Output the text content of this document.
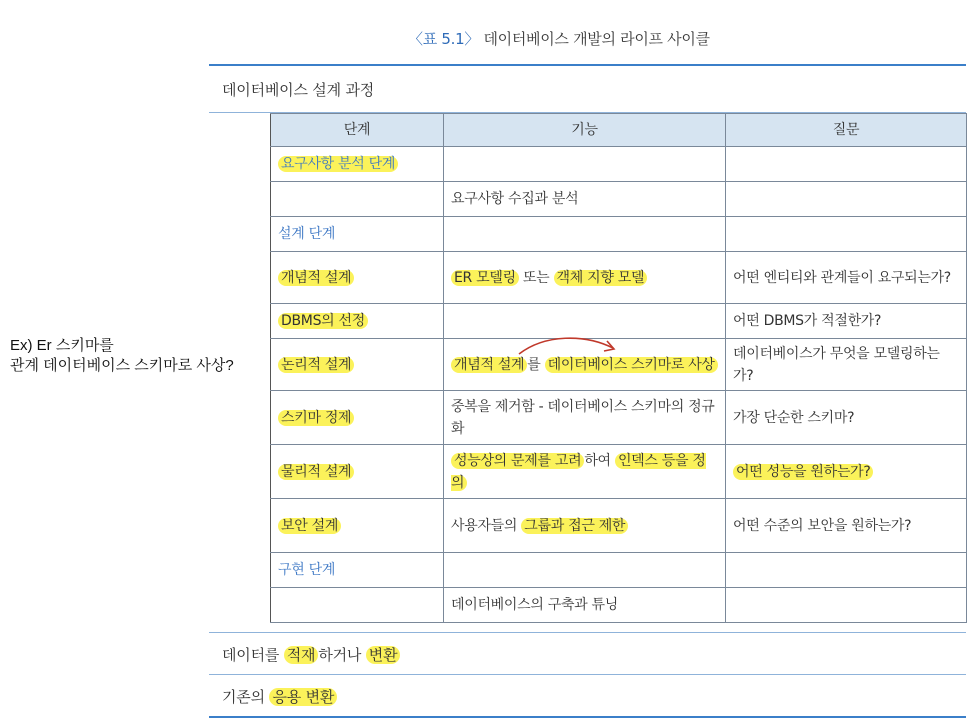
〈표 5.1〉 데이터베이스 개발의 라이프 사이클
데이터베이스 설계 과정
단계	기능	질문
요구사항 분석 단계		
	요구사항 수집과 분석	
설계 단계		
개념적 설계	ER 모델링 또는 객체 지향 모델	어떤 엔티티와 관계들이 요구되는가?
DBMS의 선정		어떤 DBMS가 적절한가?
논리적 설계	개념적 설계 를 데이터베이스 스키마로 사상	데이터베이스가 무엇을 모델링하는가?
스키마 정제	중복을 제거함 - 데이터베이스 스키마의 정규화	가장 단순한 스키마?
물리적 설계	성능상의 문제를 고려 하여 인덱스 등을 정의	어떤 성능을 원하는가?
보안 설계	사용자들의 그룹과 접근 제한	어떤 수준의 보안을 원하는가?
구현 단계		
	데이터베이스의 구축과 튜닝	
데이터를 적재 하거나 변환
기존의 응용 변환
Ex) Er 스키마를
관계 데이터베이스 스키마로 사상?
